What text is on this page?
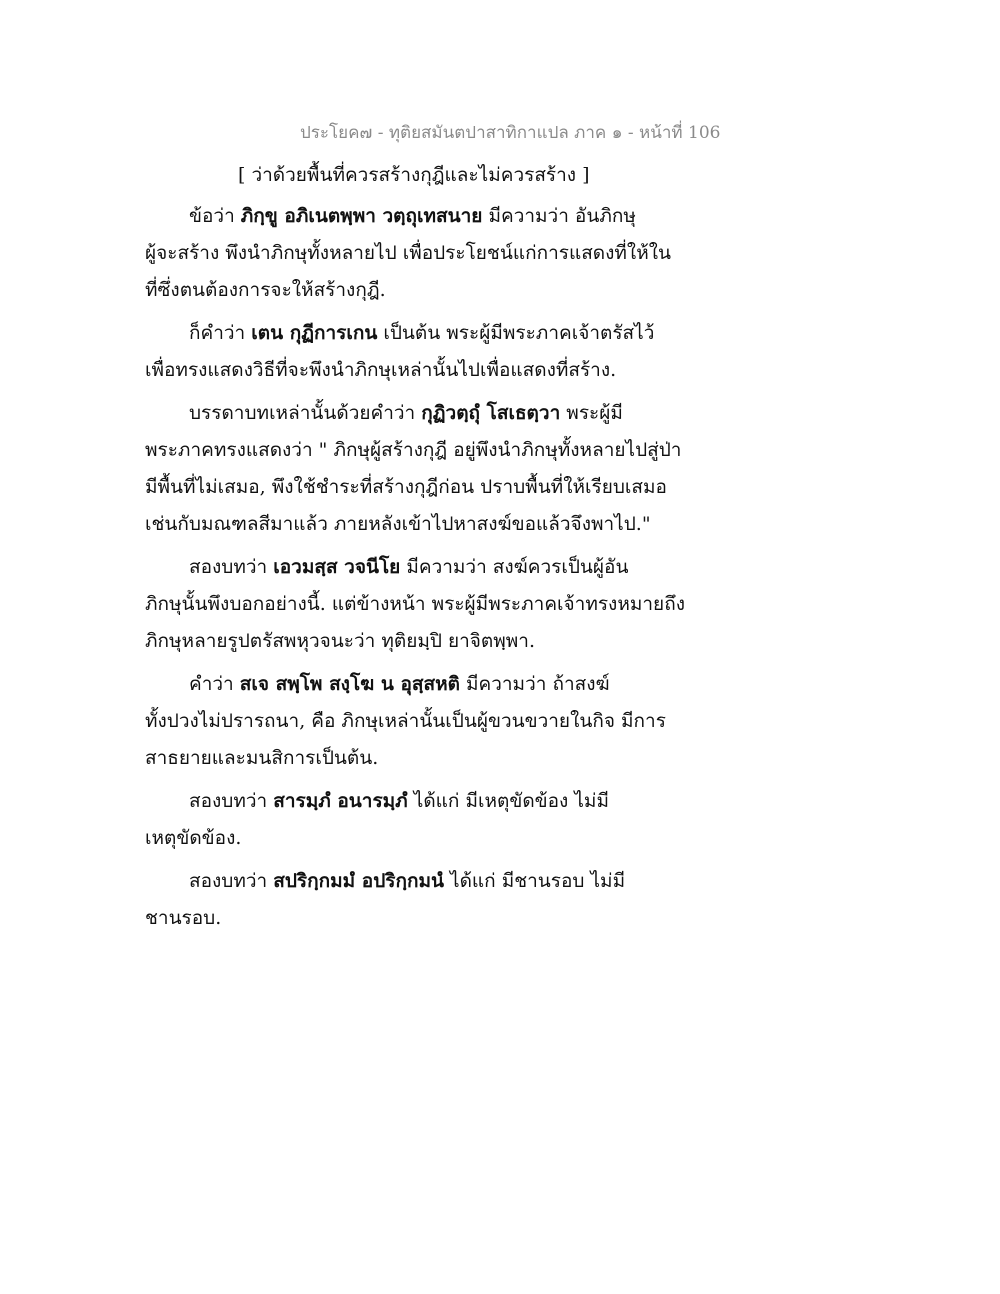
ประโยค๗ - ทุติยสมันตปาสาทิกาแปล ภาค ๑ - หน้าที่ 106
[ ว่าด้วยพื้นที่ควรสร้างกุฎีและไม่ควรสร้าง ]
ข้อว่า ภิกฺขู อภิเนตพฺพา วตฺถุเทสนาย มีความว่า อันภิกษุ
ผู้จะสร้าง พึงนำภิกษุทั้งหลายไป เพื่อประโยชน์แก่การแสดงที่ให้ใน
ที่ซึ่งตนต้องการจะให้สร้างกุฎี.
ก็คำว่า เตน กุฏีการเกน เป็นต้น พระผู้มีพระภาคเจ้าตรัสไว้
เพื่อทรงแสดงวิธีที่จะพึงนำภิกษุเหล่านั้นไปเพื่อแสดงที่สร้าง.
บรรดาบทเหล่านั้นด้วยคำว่า กุฏิวตฺถุํ โสเธตฺวา พระผู้มี
พระภาคทรงแสดงว่า " ภิกษุผู้สร้างกุฎี อยู่พึงนำภิกษุทั้งหลายไปสู่ป่า
มีพื้นที่ไม่เสมอ, พึงใช้ชำระที่สร้างกุฎีก่อน ปราบพื้นที่ให้เรียบเสมอ
เช่นกับมณฑลสีมาแล้ว ภายหลังเข้าไปหาสงฆ์ขอแล้วจึงพาไป."
สองบทว่า เอวมสฺส วจนีโย มีความว่า สงฆ์ควรเป็นผู้อัน
ภิกษุนั้นพึงบอกอย่างนี้. แต่ข้างหน้า พระผู้มีพระภาคเจ้าทรงหมายถึง
ภิกษุหลายรูปตรัสพหุวจนะว่า ทุติยมฺปิ ยาจิตพฺพา.
คำว่า สเจ สพฺโพ สงฺโฆ น อุสฺสหติ มีความว่า ถ้าสงฆ์
ทั้งปวงไม่ปรารถนา, คือ ภิกษุเหล่านั้นเป็นผู้ขวนขวายในกิจ มีการ
สาธยายและมนสิการเป็นต้น.
สองบทว่า สารมฺภํ อนารมฺภํ ได้แก่ มีเหตุขัดข้อง ไม่มี
เหตุขัดข้อง.
สองบทว่า สปริกฺกมมํ อปริกฺกมนํ ได้แก่ มีชานรอบ ไม่มี
ชานรอบ.
